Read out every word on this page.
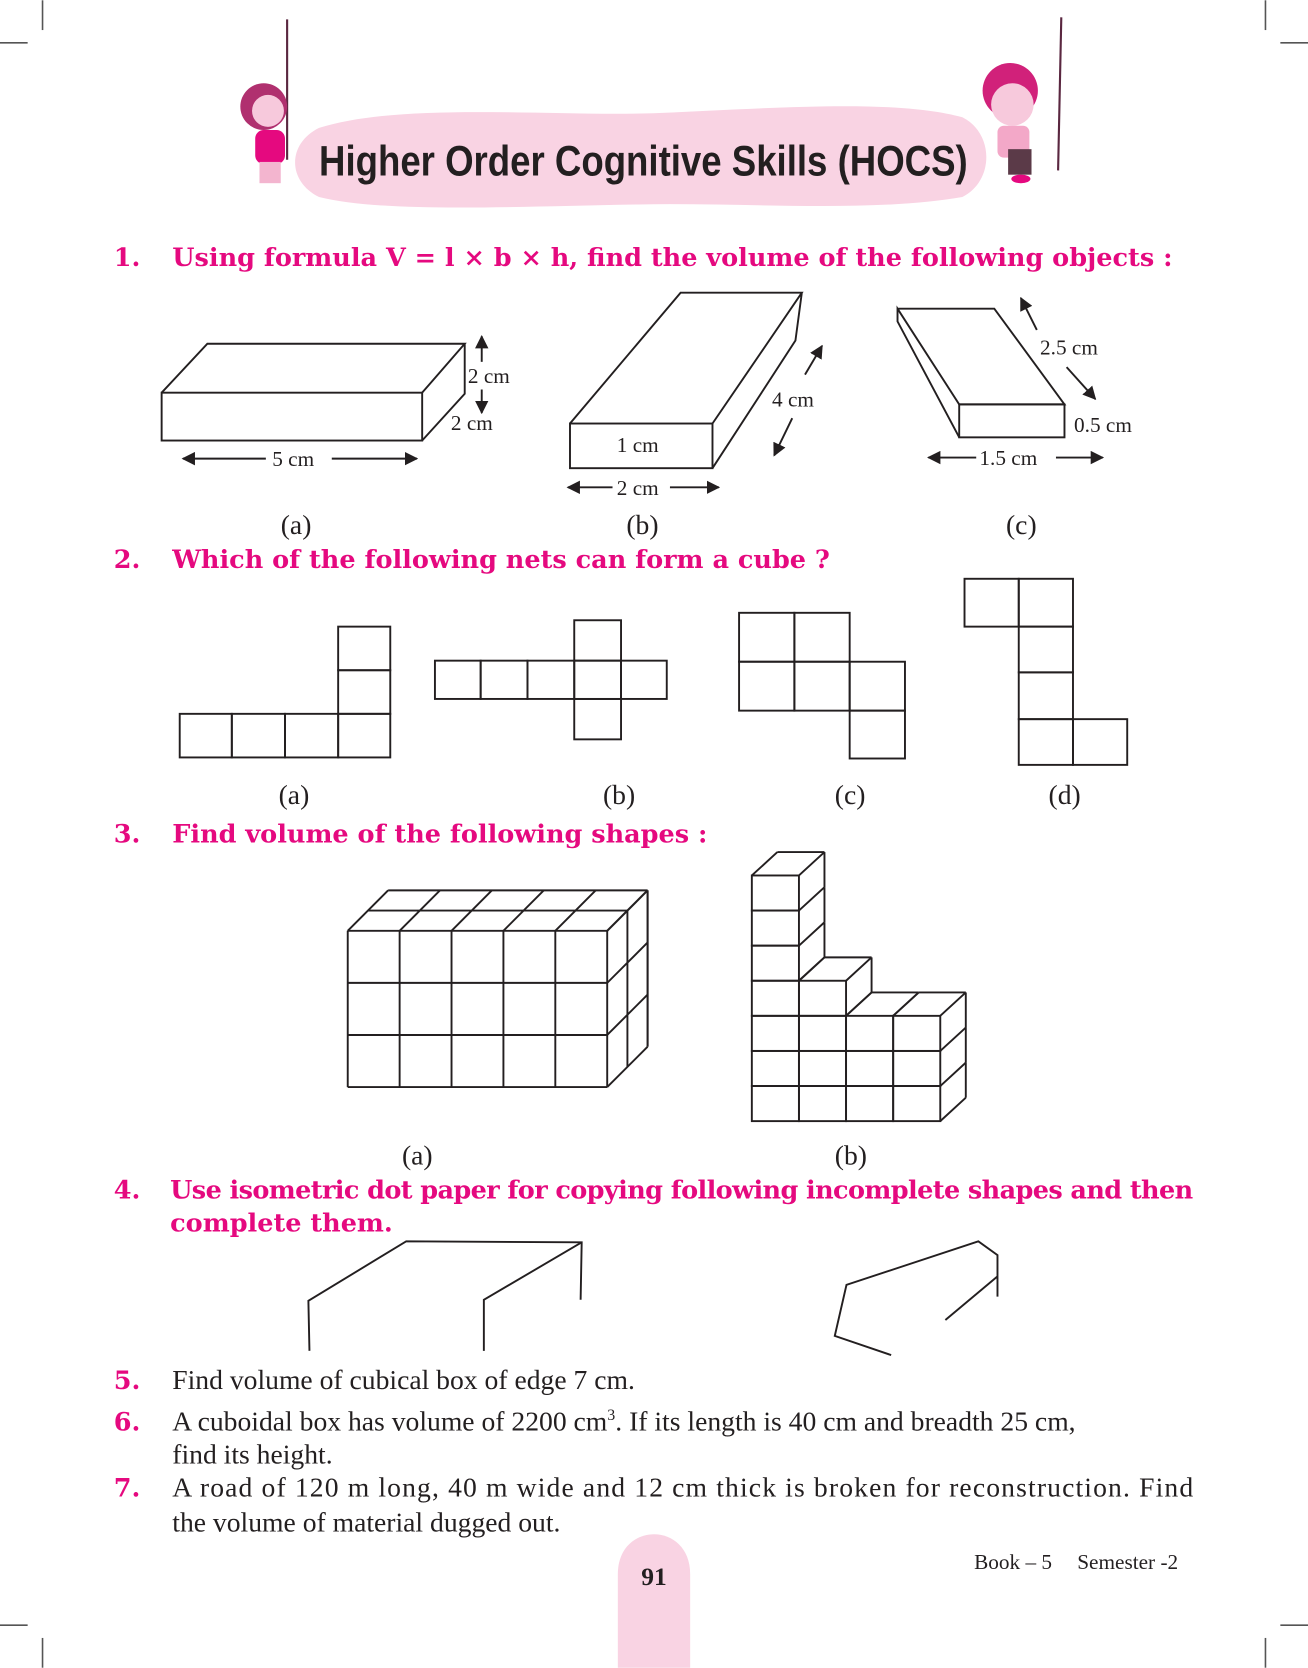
Higher Order Cognitive Skills (HOCS)
1. Using formula V = l × b × h, find the volume of the following objects :
2 cm
2 cm
5 cm
(a)
1 cm
4 cm
2 cm
(b)
2.5 cm
0.5 cm
1.5 cm
(c)
2. Which of the following nets can form a cube ?
(a)	(b)	(c)	(d)
3. Find volume of the following shapes :
(a)	(b)
4. Use isometric dot paper for copying following incomplete shapes and then
complete them.
5. Find volume of cubical box of edge 7 cm.
6. A cuboidal box has volume of 2200 $cm^3$. If its length is 40 cm and breadth 25 cm,
find its height.
7. A road of 120 m long, 40 m wide and 12 cm thick is broken for reconstruction. Find
the volume of material dugged out.
91	Book – 5 Semester -2
